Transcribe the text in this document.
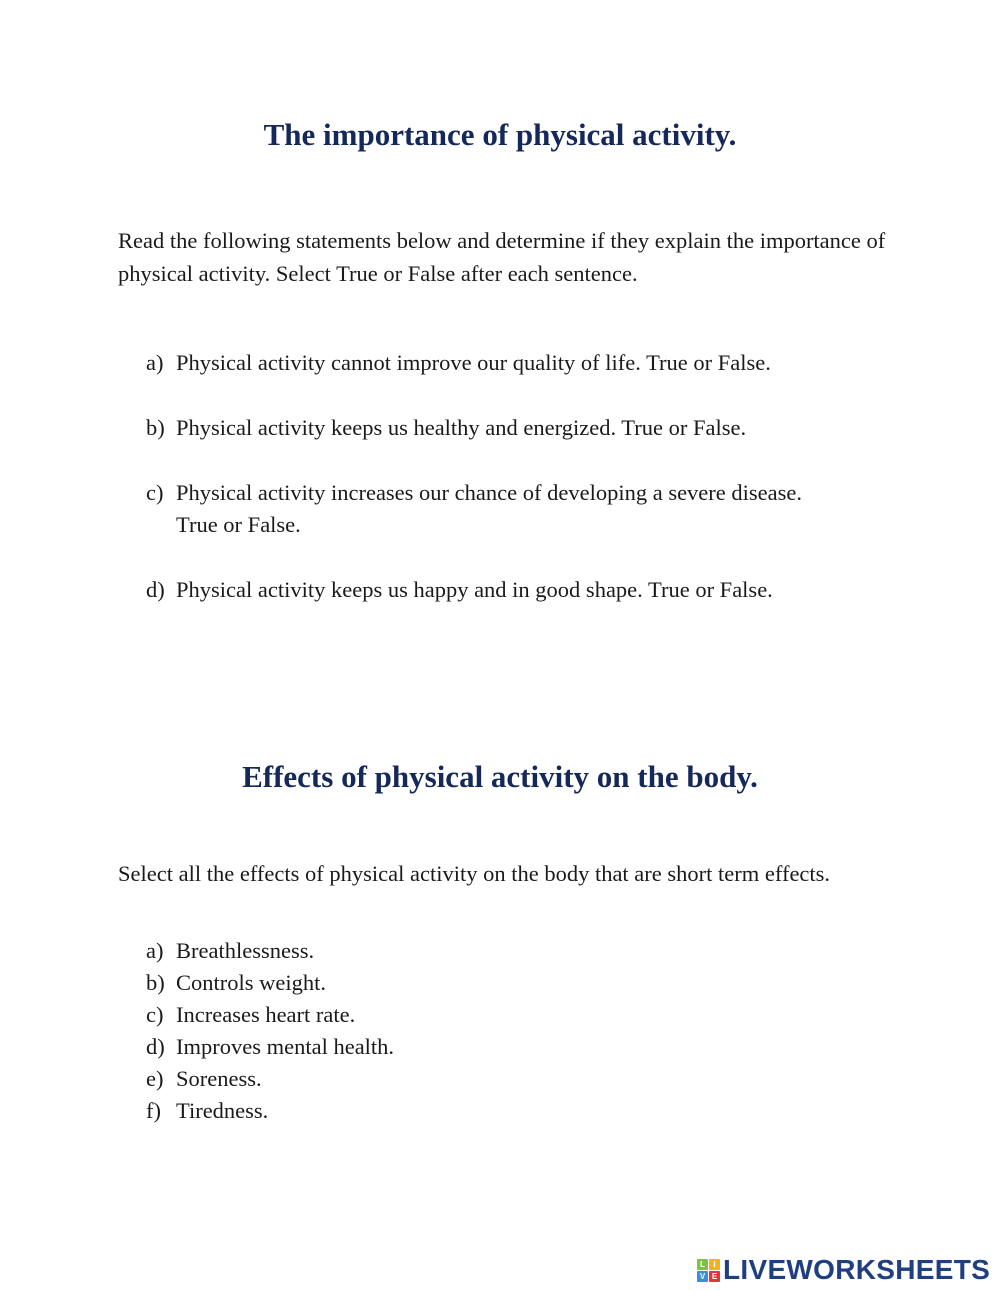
The importance of physical activity.
Read the following statements below and determine if they explain the importance of physical activity. Select True or False after each sentence.
a) Physical activity cannot improve our quality of life. True or False.
b) Physical activity keeps us healthy and energized. True or False.
c) Physical activity increases our chance of developing a severe disease. True or False.
d) Physical activity keeps us happy and in good shape. True or False.
Effects of physical activity on the body.
Select all the effects of physical activity on the body that are short term effects.
a) Breathlessness.
b) Controls weight.
c) Increases heart rate.
d) Improves mental health.
e) Soreness.
f) Tiredness.
L	I
V E LIVEWORKSHEETS
